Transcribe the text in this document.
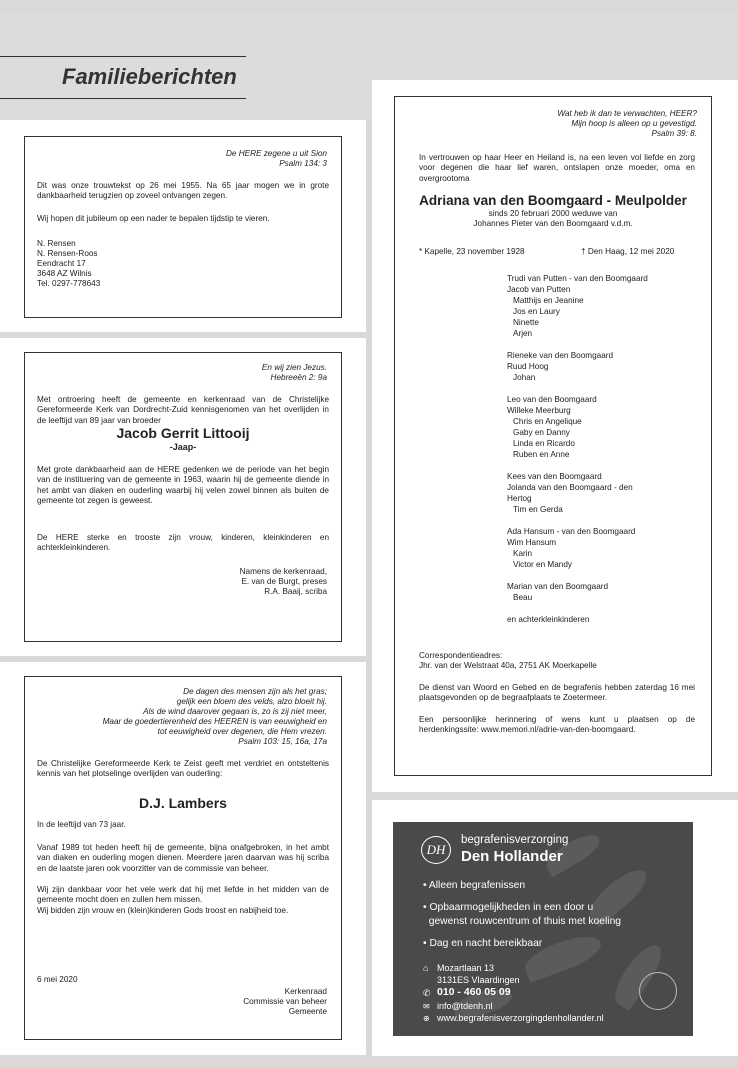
Familieberichten
De HERE zegene u uit Sion
Psalm 134: 3
Dit was onze trouwtekst op 26 mei 1955. Na 65 jaar mogen we in grote dankbaarheid terugzien op zoveel ontvangen zegen.
Wij hopen dit jubileum op een nader te bepalen tijdstip te vieren.
N. Rensen
N. Rensen-Roos
Eendracht 17
3648 AZ Wilnis
Tel. 0297-778643
En wij zien Jezus.
Hebreeën 2: 9a
Met ontroering heeft de gemeente en kerkenraad van de Christelijke Gereformeerde Kerk van Dordrecht-Zuid kennisgenomen van het overlijden in de leeftijd van 89 jaar van broeder
Jacob Gerrit Littooij
-Jaap-
Met grote dankbaarheid aan de HERE gedenken we de periode van het begin van de instituering van de gemeente in 1963, waarin hij de gemeente diende in het ambt van diaken en ouderling waarbij hij velen zowel binnen als buiten de gemeente tot zegen is geweest.
De HERE sterke en trooste zijn vrouw, kinderen, kleinkinderen en achterkleinkinderen.
Namens de kerkenraad,
E. van de Burgt, preses
R.A. Baaij, scriba
De dagen des mensen zijn als het gras;
gelijk een bloem des velds, alzo bloeit hij.
Als de wind daarover gegaan is, zo is zij niet meer,
Maar de goedertierenheid des HEEREN is van eeuwigheid en
tot eeuwigheid over degenen, die Hem vrezen.
Psalm 103: 15, 16a, 17a
De Christelijke Gereformeerde Kerk te Zeist geeft met verdriet en ontsteltenis kennis van het plotselinge overlijden van ouderling:
D.J. Lambers
In de leeftijd van 73 jaar.
Vanaf 1989 tot heden heeft hij de gemeente, bijna onafgebroken, in het ambt van diaken en ouderling mogen dienen. Meerdere jaren daarvan was hij scriba en de laatste jaren ook voorzitter van de commissie van beheer.
Wij zijn dankbaar voor het vele werk dat hij met liefde in het midden van de gemeente mocht doen en zullen hem missen.
Wij bidden zijn vrouw en (klein)kinderen Gods troost en nabijheid toe.
6 mei 2020
Kerkenraad
Commissie van beheer
Gemeente
Wat heb ik dan te verwachten, HEER?
Mijn hoop is alleen op u gevestigd.
Psalm 39: 8.
In vertrouwen op haar Heer en Heiland is, na een leven vol liefde en zorg voor degenen die haar lief waren, ontslapen onze moeder, oma en overgrootoma
Adriana van den Boomgaard - Meulpolder
sinds 20 februari 2000 weduwe van
Johannes Pieter van den Boomgaard v.d.m.
* Kapelle, 23 november 1928	† Den Haag, 12 mei 2020
Trudi van Putten - van den Boomgaard
Jacob van Putten
Matthijs en Jeanine
Jos en Laury
Ninette
Arjen
Rieneke van den Boomgaard
Ruud Hoog
Johan
Leo van den Boomgaard
Willeke Meerburg
Chris en Angelique
Gaby en Danny
Linda en Ricardo
Ruben en Anne
Kees van den Boomgaard
Jolanda van den Boomgaard - den
Hertog
Tim en Gerda
Ada Hansum - van den Boomgaard
Wim Hansum
Karin
Victor en Mandy
Marian van den Boomgaard
Beau
en achterkleinkinderen
Correspondentieadres:
Jhr. van der Welstraat 40a, 2751 AK Moerkapelle
De dienst van Woord en Gebed en de begrafenis hebben zaterdag 16 mei plaatsgevonden op de begraafplaats te Zoetermeer.
Een persoonlijke herinnering of wens kunt u plaatsen op de herdenkingssite: www.memori.nl/adrie-van-den-boomgaard.
DH
begrafenisverzorging
Den Hollander
• Alleen begrafenissen
• Opbaarmogelijkheden in een door u
gewenst rouwcentrum of thuis met koeling
• Dag en nacht bereikbaar
⌂ Mozartlaan 13
3131ES Vlaardingen
✆ 010 - 460 05 09
✉ info@tdenh.nl
⊕ www.begrafenisverzorgingdenhollander.nl
